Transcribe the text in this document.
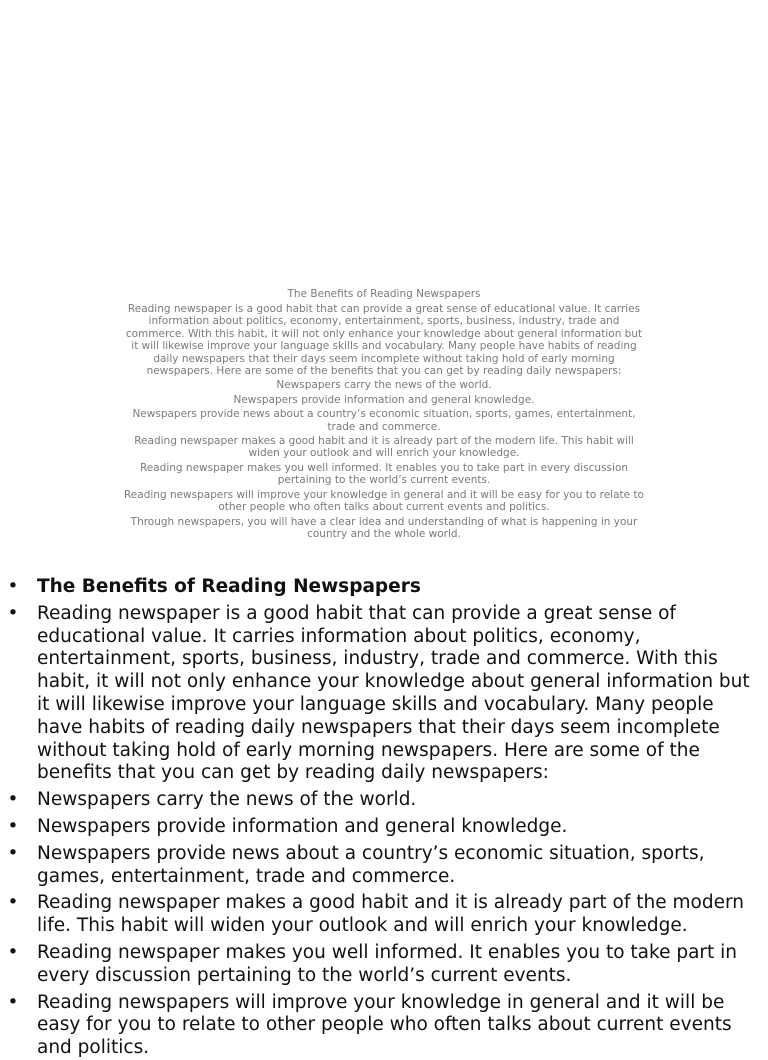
The Benefits of Reading Newspapers
Reading newspaper is a good habit that can provide a great sense of educational value. It carries information about politics, economy, entertainment, sports, business, industry, trade and commerce. With this habit, it will not only enhance your knowledge about general information but it will likewise improve your language skills and vocabulary. Many people have habits of reading daily newspapers that their days seem incomplete without taking hold of early morning newspapers. Here are some of the benefits that you can get by reading daily newspapers:
Newspapers carry the news of the world.
Newspapers provide information and general knowledge.
Newspapers provide news about a country’s economic situation, sports, games, entertainment, trade and commerce.
Reading newspaper makes a good habit and it is already part of the modern life. This habit will widen your outlook and will enrich your knowledge.
Reading newspaper makes you well informed. It enables you to take part in every discussion pertaining to the world’s current events.
Reading newspapers will improve your knowledge in general and it will be easy for you to relate to other people who often talks about current events and politics.
Through newspapers, you will have a clear idea and understanding of what is happening in your country and the whole world.
• The Benefits of Reading Newspapers
• Reading newspaper is a good habit that can provide a great sense of educational value. It carries information about politics, economy, entertainment, sports, business, industry, trade and commerce. With this habit, it will not only enhance your knowledge about general information but it will likewise improve your language skills and vocabulary. Many people have habits of reading daily newspapers that their days seem incomplete without taking hold of early morning newspapers. Here are some of the benefits that you can get by reading daily newspapers:
• Newspapers carry the news of the world.
• Newspapers provide information and general knowledge.
• Newspapers provide news about a country’s economic situation, sports, games, entertainment, trade and commerce.
• Reading newspaper makes a good habit and it is already part of the modern life. This habit will widen your outlook and will enrich your knowledge.
• Reading newspaper makes you well informed. It enables you to take part in every discussion pertaining to the world’s current events.
• Reading newspapers will improve your knowledge in general and it will be easy for you to relate to other people who often talks about current events and politics.
